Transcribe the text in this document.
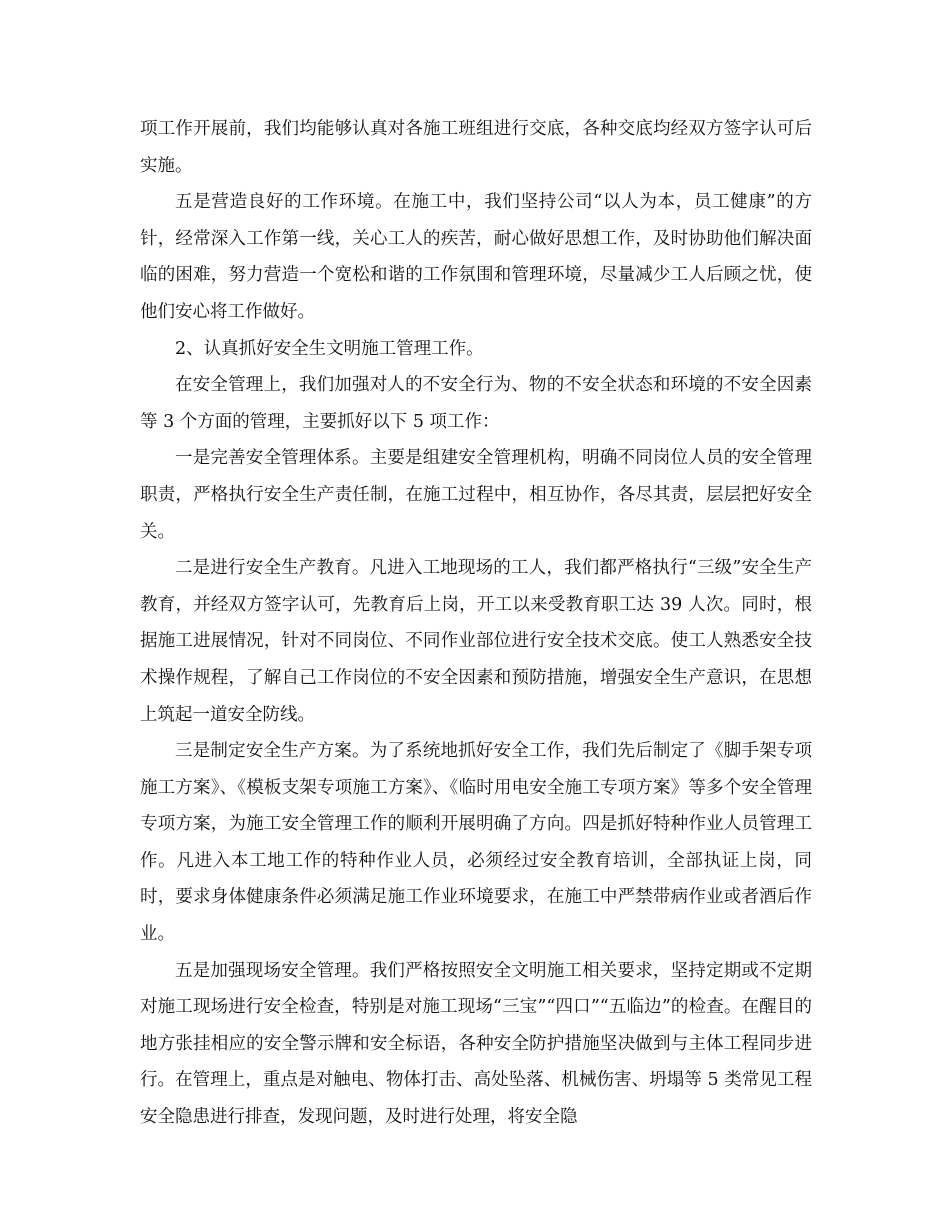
项工作开展前，我们均能够认真对各施工班组进行交底，各种交底均经双方签字认可后实施。

五是营造良好的工作环境。在施工中，我们坚持公司“以人为本，员工健康”的方针，经常深入工作第一线，关心工人的疾苦，耐心做好思想工作，及时协助他们解决面临的困难，努力营造一个宽松和谐的工作氛围和管理环境，尽量减少工人后顾之忧，使他们安心将工作做好。

2、认真抓好安全生文明施工管理工作。

在安全管理上，我们加强对人的不安全行为、物的不安全状态和环境的不安全因素等 3 个方面的管理，主要抓好以下 5 项工作：

一是完善安全管理体系。主要是组建安全管理机构，明确不同岗位人员的安全管理职责，严格执行安全生产责任制，在施工过程中，相互协作，各尽其责，层层把好安全关。

二是进行安全生产教育。凡进入工地现场的工人，我们都严格执行“三级”安全生产教育，并经双方签字认可，先教育后上岗，开工以来受教育职工达 39 人次。同时，根据施工进展情况，针对不同岗位、不同作业部位进行安全技术交底。使工人熟悉安全技术操作规程，了解自己工作岗位的不安全因素和预防措施，增强安全生产意识，在思想上筑起一道安全防线。

三是制定安全生产方案。为了系统地抓好安全工作，我们先后制定了《脚手架专项施工方案》、《模板支架专项施工方案》、《临时用电安全施工专项方案》等多个安全管理专项方案，为施工安全管理工作的顺利开展明确了方向。四是抓好特种作业人员管理工作。凡进入本工地工作的特种作业人员，必须经过安全教育培训，全部执证上岗，同时，要求身体健康条件必须满足施工作业环境要求，在施工中严禁带病作业或者酒后作业。

五是加强现场安全管理。我们严格按照安全文明施工相关要求，坚持定期或不定期对施工现场进行安全检查，特别是对施工现场“三宝”“四口”“五临边”的检查。在醒目的地方张挂相应的安全警示牌和安全标语，各种安全防护措施坚决做到与主体工程同步进行。在管理上，重点是对触电、物体打击、高处坠落、机械伤害、坍塌等 5 类常见工程安全隐患进行排查，发现问题，及时进行处理，将安全隐
